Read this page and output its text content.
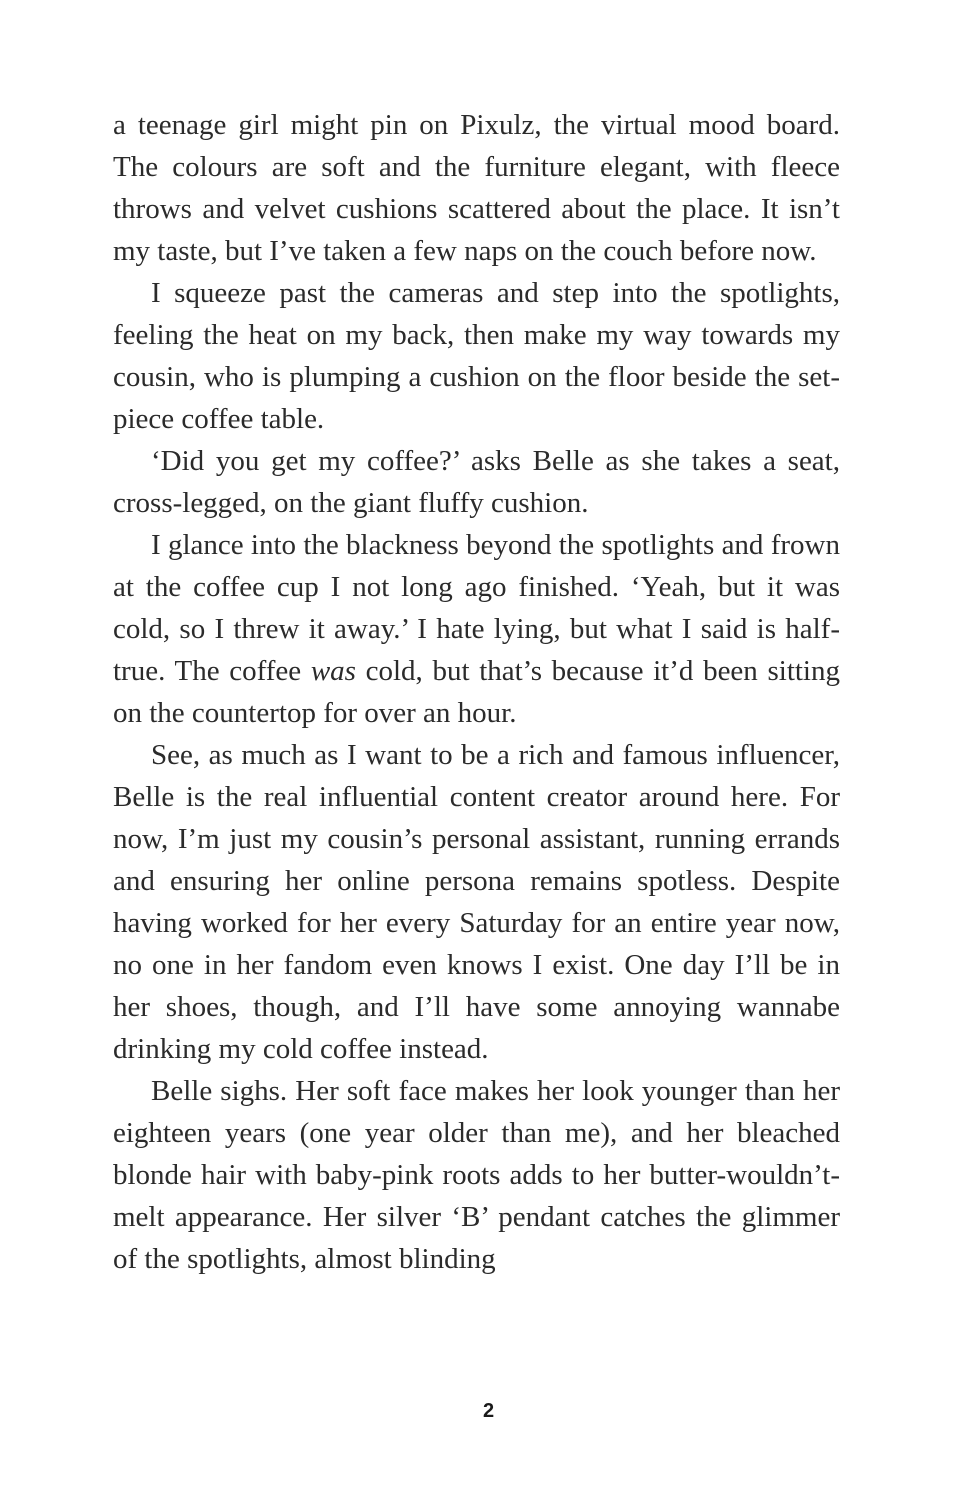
a teenage girl might pin on Pixulz, the virtual mood board. The colours are soft and the furniture elegant, with fleece throws and velvet cushions scattered about the place. It isn’t my taste, but I’ve taken a few naps on the couch before now.

I squeeze past the cameras and step into the spotlights, feeling the heat on my back, then make my way towards my cousin, who is plumping a cushion on the floor beside the set-piece coffee table.

‘Did you get my coffee?’ asks Belle as she takes a seat, cross-legged, on the giant fluffy cushion.

I glance into the blackness beyond the spotlights and frown at the coffee cup I not long ago finished. ‘Yeah, but it was cold, so I threw it away.’ I hate lying, but what I said is half-true. The coffee was cold, but that’s because it’d been sitting on the countertop for over an hour.

See, as much as I want to be a rich and famous influencer, Belle is the real influential content creator around here. For now, I’m just my cousin’s personal assistant, running errands and ensuring her online persona remains spotless. Despite having worked for her every Saturday for an entire year now, no one in her fandom even knows I exist. One day I’ll be in her shoes, though, and I’ll have some annoying wannabe drinking my cold coffee instead.

Belle sighs. Her soft face makes her look younger than her eighteen years (one year older than me), and her bleached blonde hair with baby-pink roots adds to her butter-wouldn’t-melt appearance. Her silver ‘B’ pendant catches the glimmer of the spotlights, almost blinding

2
